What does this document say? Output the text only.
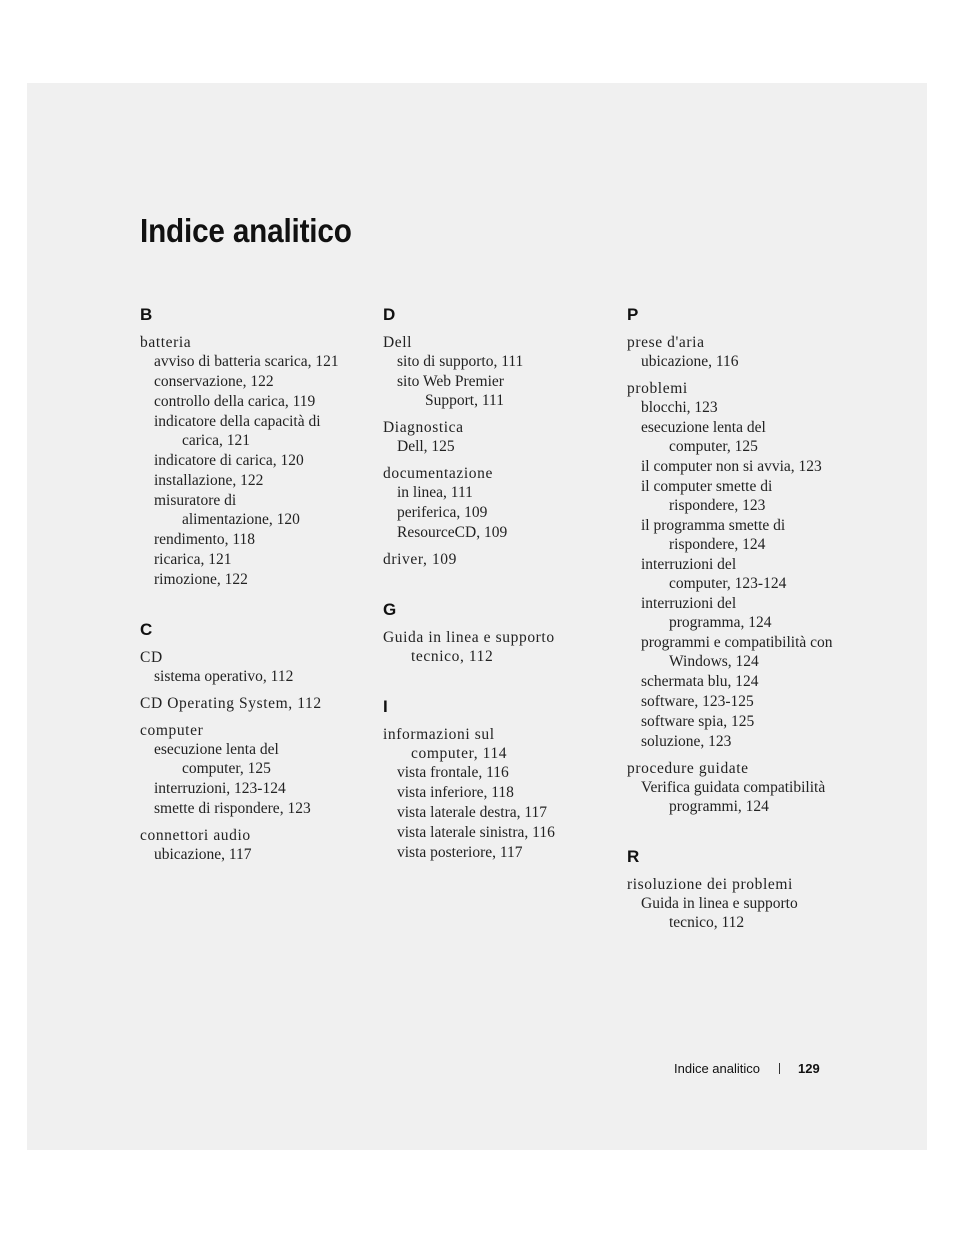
Indice analitico
B
batteria
avviso di batteria scarica, 121
conservazione, 122
controllo della carica, 119
indicatore della capacità di
carica, 121
indicatore di carica, 120
installazione, 122
misuratore di
alimentazione, 120
rendimento, 118
ricarica, 121
rimozione, 122
C
CD
sistema operativo, 112
CD Operating System, 112
computer
esecuzione lenta del
computer, 125
interruzioni, 123-124
smette di rispondere, 123
connettori audio
ubicazione, 117
D
Dell
sito di supporto, 111
sito Web Premier
Support, 111
Diagnostica
Dell, 125
documentazione
in linea, 111
periferica, 109
ResourceCD, 109
driver, 109
G
Guida in linea e supporto
tecnico, 112
I
informazioni sul
computer, 114
vista frontale, 116
vista inferiore, 118
vista laterale destra, 117
vista laterale sinistra, 116
vista posteriore, 117
P
prese d'aria
ubicazione, 116
problemi
blocchi, 123
esecuzione lenta del
computer, 125
il computer non si avvia, 123
il computer smette di
rispondere, 123
il programma smette di
rispondere, 124
interruzioni del
computer, 123-124
interruzioni del
programma, 124
programmi e compatibilità con
Windows, 124
schermata blu, 124
software, 123-125
software spia, 125
soluzione, 123
procedure guidate
Verifica guidata compatibilità
programmi, 124
R
risoluzione dei problemi
Guida in linea e supporto
tecnico, 112
Indice analitico	129
